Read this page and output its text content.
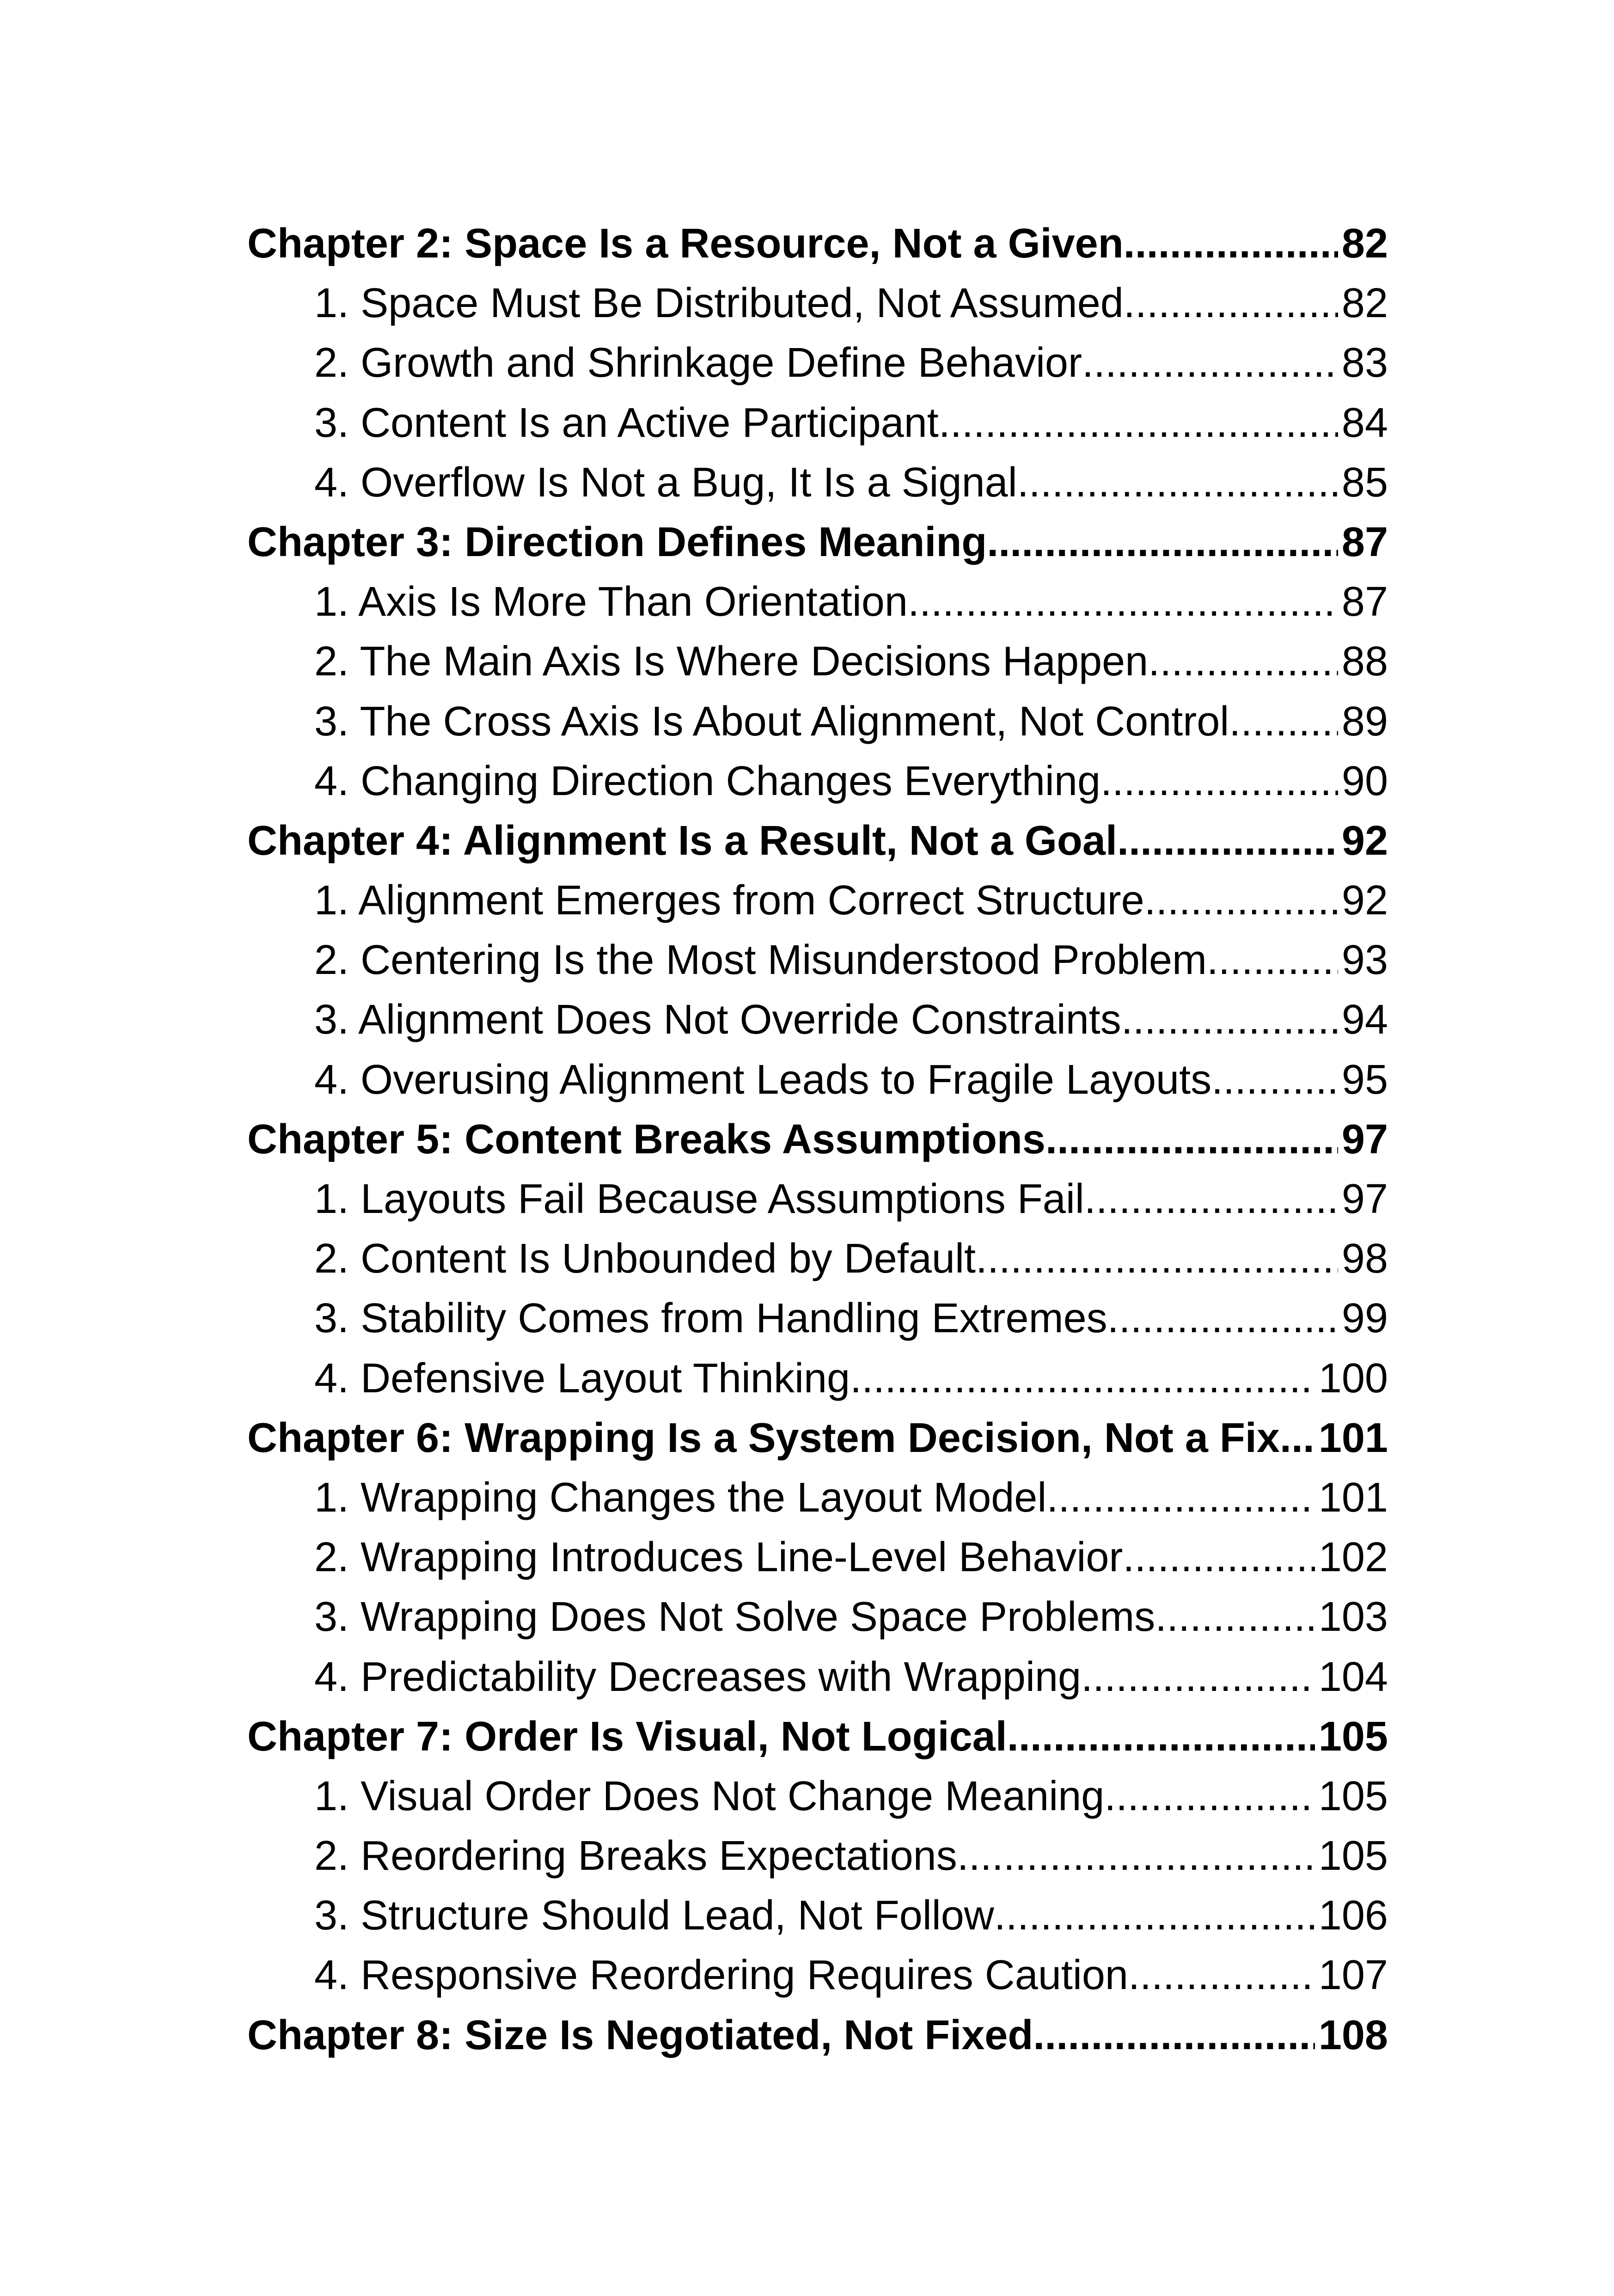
Chapter 2: Space Is a Resource, Not a Given .....	82
1. Space Must Be Distributed, Not Assumed .....	82
2. Growth and Shrinkage Define Behavior .....	83
3. Content Is an Active Participant .....	84
4. Overflow Is Not a Bug, It Is a Signal .....	85
Chapter 3: Direction Defines Meaning .....	87
1. Axis Is More Than Orientation .....	87
2. The Main Axis Is Where Decisions Happen .....	88
3. The Cross Axis Is About Alignment, Not Control .....	89
4. Changing Direction Changes Everything .....	90
Chapter 4: Alignment Is a Result, Not a Goal .....	92
1. Alignment Emerges from Correct Structure .....	92
2. Centering Is the Most Misunderstood Problem .....	93
3. Alignment Does Not Override Constraints .....	94
4. Overusing Alignment Leads to Fragile Layouts .....	95
Chapter 5: Content Breaks Assumptions .....	97
1. Layouts Fail Because Assumptions Fail .....	97
2. Content Is Unbounded by Default .....	98
3. Stability Comes from Handling Extremes .....	99
4. Defensive Layout Thinking .....	100
Chapter 6: Wrapping Is a System Decision, Not a Fix ..... 101
1. Wrapping Changes the Layout Model .....	101
2. Wrapping Introduces Line-Level Behavior .....	102
3. Wrapping Does Not Solve Space Problems .....	103
4. Predictability Decreases with Wrapping .....	104
Chapter 7: Order Is Visual, Not Logical .....	105
1. Visual Order Does Not Change Meaning .....	105
2. Reordering Breaks Expectations .....	105
3. Structure Should Lead, Not Follow .....	106
4. Responsive Reordering Requires Caution .....	107
Chapter 8: Size Is Negotiated, Not Fixed .....	108
